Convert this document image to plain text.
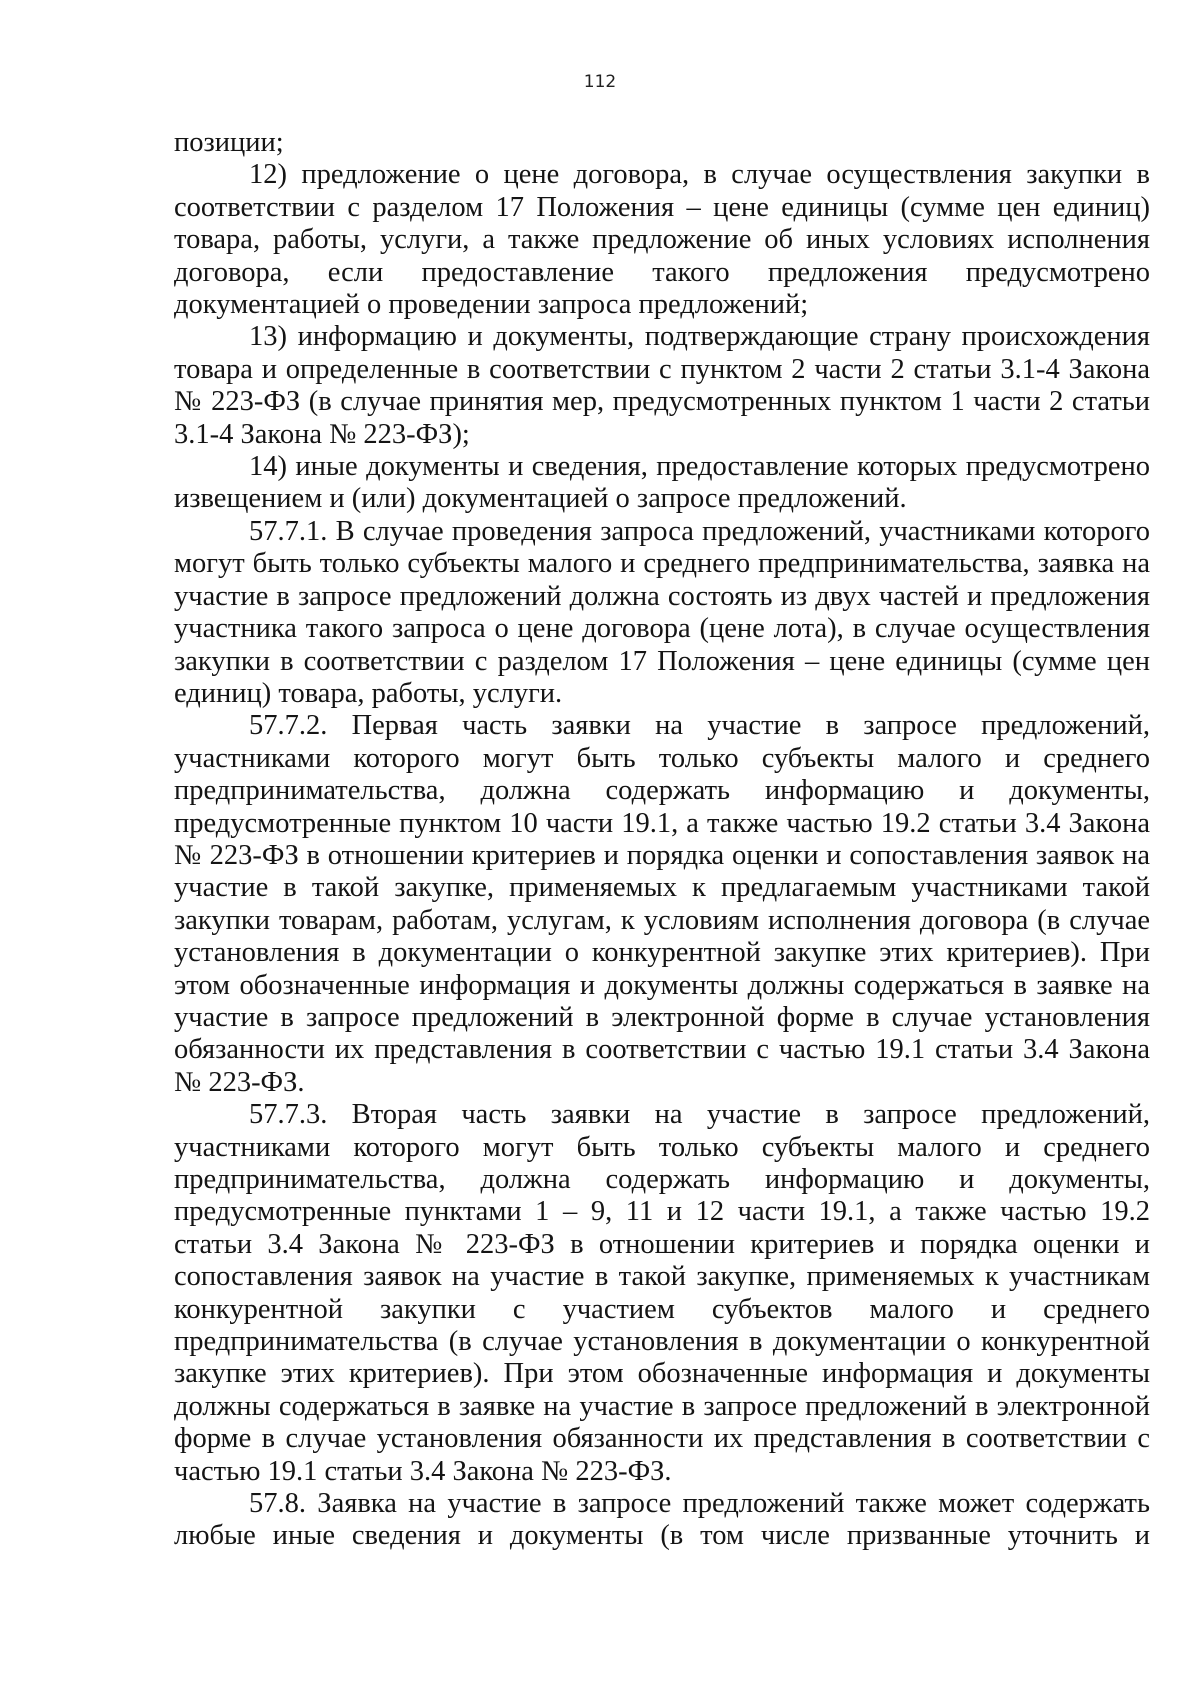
112

позиции;

12) предложение о цене договора, в случае осуществления закупки в соответствии с разделом 17 Положения – цене единицы (сумме цен единиц) товара, работы, услуги, а также предложение об иных условиях исполнения договора, если предоставление такого предложения предусмотрено документацией о проведении запроса предложений;

13) информацию и документы, подтверждающие страну происхождения товара и определенные в соответствии с пунктом 2 части 2 статьи 3.1-4 Закона № 223-ФЗ (в случае принятия мер, предусмотренных пунктом 1 части 2 статьи 3.1-4 Закона № 223-ФЗ);

14) иные документы и сведения, предоставление которых предусмотрено извещением и (или) документацией о запросе предложений.

57.7.1. В случае проведения запроса предложений, участниками которого могут быть только субъекты малого и среднего предпринимательства, заявка на участие в запросе предложений должна состоять из двух частей и предложения участника такого запроса о цене договора (цене лота), в случае осуществления закупки в соответствии с разделом 17 Положения – цене единицы (сумме цен единиц) товара, работы, услуги.

57.7.2. Первая часть заявки на участие в запросе предложений, участниками которого могут быть только субъекты малого и среднего предпринимательства, должна содержать информацию и документы, предусмотренные пунктом 10 части 19.1, а также частью 19.2 статьи 3.4 Закона № 223-ФЗ в отношении критериев и порядка оценки и сопоставления заявок на участие в такой закупке, применяемых к предлагаемым участниками такой закупки товарам, работам, услугам, к условиям исполнения договора (в случае установления в документации о конкурентной закупке этих критериев). При этом обозначенные информация и документы должны содержаться в заявке на участие в запросе предложений в электронной форме в случае установления обязанности их представления в соответствии с частью 19.1 статьи 3.4 Закона № 223-ФЗ.

57.7.3. Вторая часть заявки на участие в запросе предложений, участниками которого могут быть только субъекты малого и среднего предпринимательства, должна содержать информацию и документы, предусмотренные пунктами 1 – 9, 11 и 12 части 19.1, а также частью 19.2 статьи 3.4 Закона № 223-ФЗ в отношении критериев и порядка оценки и сопоставления заявок на участие в такой закупке, применяемых к участникам конкурентной закупки с участием субъектов малого и среднего предпринимательства (в случае установления в документации о конкурентной закупке этих критериев). При этом обозначенные информация и документы должны содержаться в заявке на участие в запросе предложений в электронной форме в случае установления обязанности их представления в соответствии с частью 19.1 статьи 3.4 Закона № 223-ФЗ.

57.8. Заявка на участие в запросе предложений также может содержать любые иные сведения и документы (в том числе призванные уточнить и
